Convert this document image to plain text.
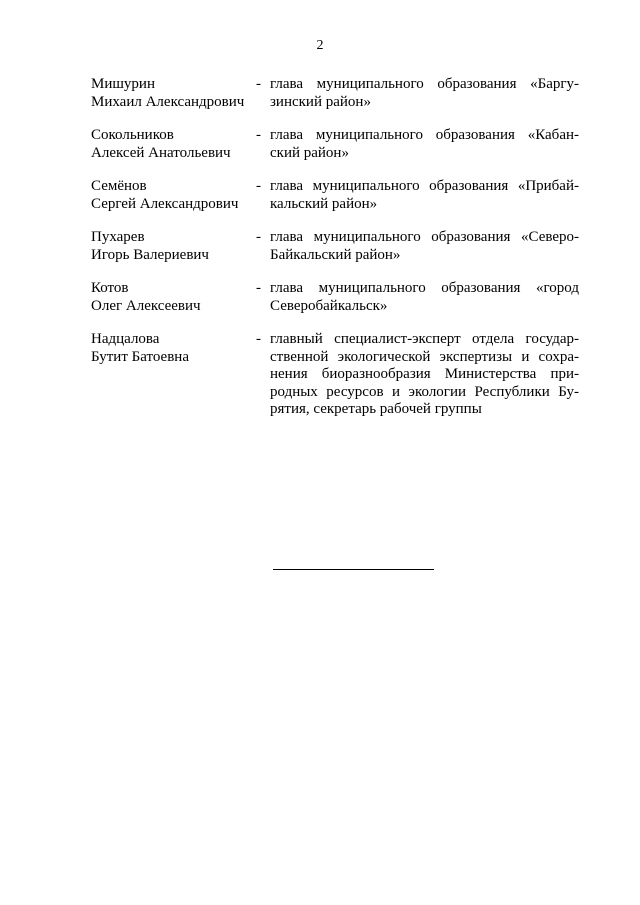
2
Мишурин
Михаил Александрович
- глава муниципального образования «Баргу-
зинский район»
Сокольников
Алексей Анатольевич
- глава муниципального образования «Кабан-
ский район»
Семёнов
Сергей Александрович
- глава муниципального образования «Прибай-
кальский район»
Пухарев
Игорь Валериевич
- глава муниципального образования «Северо-
Байкальский район»
Котов
Олег Алексеевич
- глава муниципального образования «город
Северобайкальск»
Надцалова
Бутит Батоевна
- главный специалист-эксперт отдела государ-
ственной экологической экспертизы и сохра-
нения биоразнообразия Министерства при-
родных ресурсов и экологии Республики Бу-
рятия, секретарь рабочей группы
